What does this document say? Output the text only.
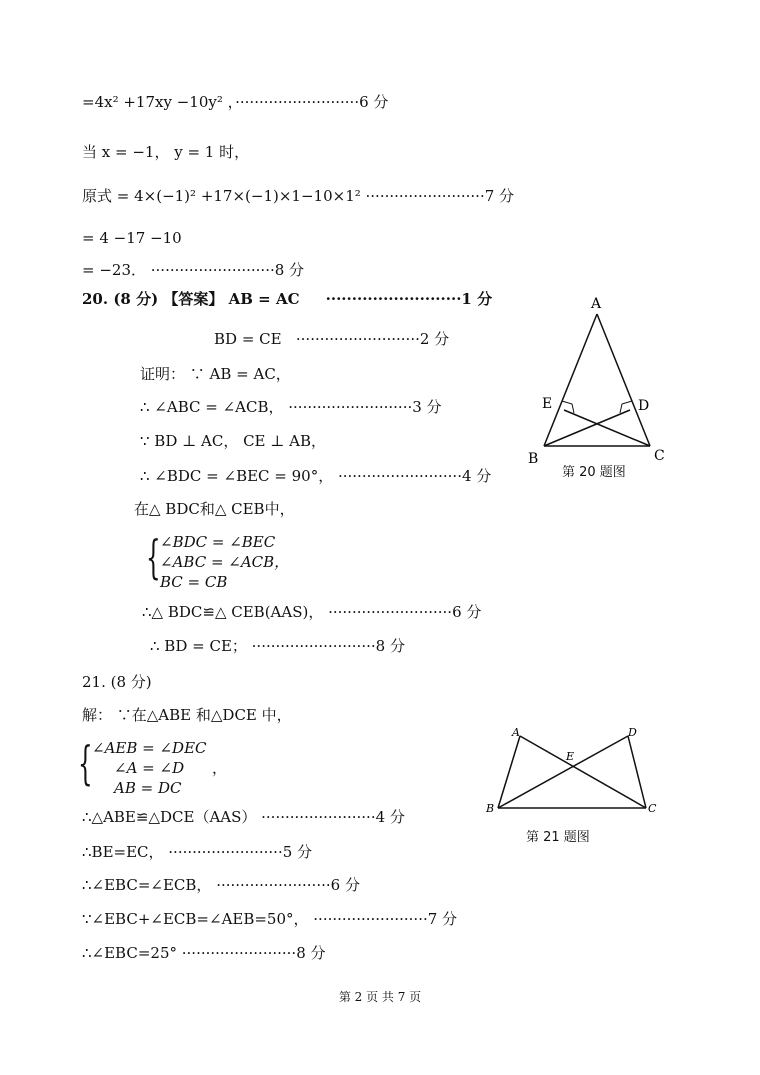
=4x² +17xy −10y² ，··························6 分
当 x = −1， y = 1 时，
原式 = 4×(−1)² +17×(−1)×1−10×1² ·························7 分
= 4 −17 −10
= −23． ··························8 分
20. (8 分) 【答案】 AB = AC     ··························1 分
BD = CE   ··························2 分
证明： ∵ AB = AC，
∴ ∠ABC = ∠ACB， ··························3 分
∵ BD ⊥ AC， CE ⊥ AB，
∴ ∠BDC = ∠BEC = 90°， ··························4 分
在△ BDC和△ CEB中，
{ ∠BDC = ∠BEC
∠ABC = ∠ACB，
BC = CB
∴△ BDC≌△ CEB(AAS)， ··························6 分
∴ BD = CE； ··························8 分
21. (8 分)
解： ∵在△ABE 和△DCE 中，
{ ∠AEB = ∠DEC
∠A = ∠D
AB = DC
，
∴△ABE≌△DCE（AAS） ························4 分
∴BE=EC， ························5 分
∴∠EBC=∠ECB， ························6 分
∵∠EBC+∠ECB=∠AEB=50°， ························7 分
∴∠EBC=25° ························8 分
A
B	C
D
E
第 20 题图
A	D
E
B	C
第 21 题图
第 2 页 共 7 页
